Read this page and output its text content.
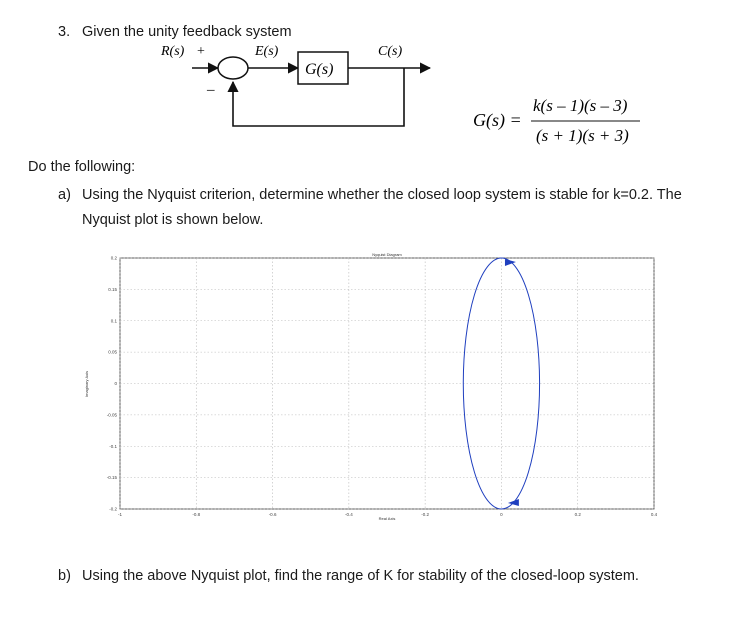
3. Given the unity feedback system
R(s) +	E(s)
–
G(s)
C(s)
G(s) =
k(s – 1)(s – 3)
(s + 1)(s + 3)
Do the following:
a) Using the Nyquist criterion, determine whether the closed loop system is stable for k=0.2. The
Nyquist plot is shown below.
-1	-0.8	-0.6	-0.4	-0.2	0	0.2	0.4
0.2
0.15
0.1
0.05
0
-0.05
-0.1
-0.15
-0.2
Nyquist Diagram
Real Axis
Imaginary Axis
b) Using the above Nyquist plot, find the range of K for stability of the closed-loop system.
